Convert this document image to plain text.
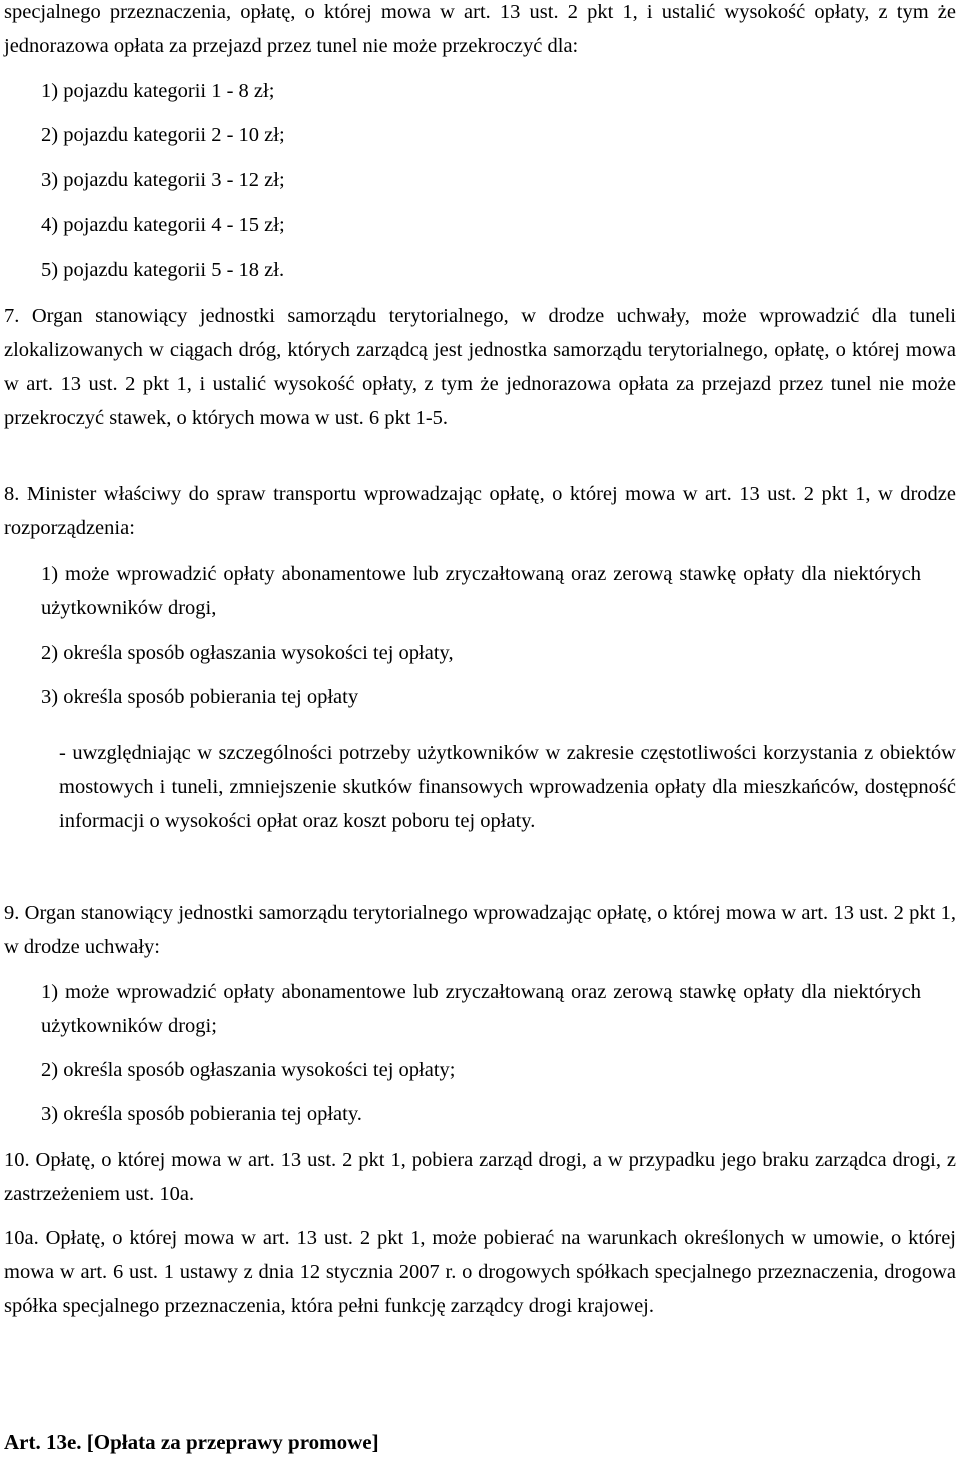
specjalnego przeznaczenia, opłatę, o której mowa w art. 13 ust. 2 pkt 1, i ustalić wysokość opłaty, z tym że jednorazowa opłata za przejazd przez tunel nie może przekroczyć dla:

1) pojazdu kategorii 1 - 8 zł;

2) pojazdu kategorii 2 - 10 zł;

3) pojazdu kategorii 3 - 12 zł;

4) pojazdu kategorii 4 - 15 zł;

5) pojazdu kategorii 5 - 18 zł.

7. Organ stanowiący jednostki samorządu terytorialnego, w drodze uchwały, może wprowadzić dla tuneli zlokalizowanych w ciągach dróg, których zarządcą jest jednostka samorządu terytorialnego, opłatę, o której mowa w art. 13 ust. 2 pkt 1, i ustalić wysokość opłaty, z tym że jednorazowa opłata za przejazd przez tunel nie może przekroczyć stawek, o których mowa w ust. 6 pkt 1-5.

8. Minister właściwy do spraw transportu wprowadzając opłatę, o której mowa w art. 13 ust. 2 pkt 1, w drodze rozporządzenia:

1) może wprowadzić opłaty abonamentowe lub zryczałtowaną oraz zerową stawkę opłaty dla niektórych użytkowników drogi,

2) określa sposób ogłaszania wysokości tej opłaty,

3) określa sposób pobierania tej opłaty

- uwzględniając w szczególności potrzeby użytkowników w zakresie częstotliwości korzystania z obiektów mostowych i tuneli, zmniejszenie skutków finansowych wprowadzenia opłaty dla mieszkańców, dostępność informacji o wysokości opłat oraz koszt poboru tej opłaty.

9. Organ stanowiący jednostki samorządu terytorialnego wprowadzając opłatę, o której mowa w art. 13 ust. 2 pkt 1, w drodze uchwały:

1) może wprowadzić opłaty abonamentowe lub zryczałtowaną oraz zerową stawkę opłaty dla niektórych użytkowników drogi;

2) określa sposób ogłaszania wysokości tej opłaty;

3) określa sposób pobierania tej opłaty.

10. Opłatę, o której mowa w art. 13 ust. 2 pkt 1, pobiera zarząd drogi, a w przypadku jego braku zarządca drogi, z zastrzeżeniem ust. 10a.

10a. Opłatę, o której mowa w art. 13 ust. 2 pkt 1, może pobierać na warunkach określonych w umowie, o której mowa w art. 6 ust. 1 ustawy z dnia 12 stycznia 2007 r. o drogowych spółkach specjalnego przeznaczenia, drogowa spółka specjalnego przeznaczenia, która pełni funkcję zarządcy drogi krajowej.

Art. 13e. [Opłata za przeprawy promowe]
